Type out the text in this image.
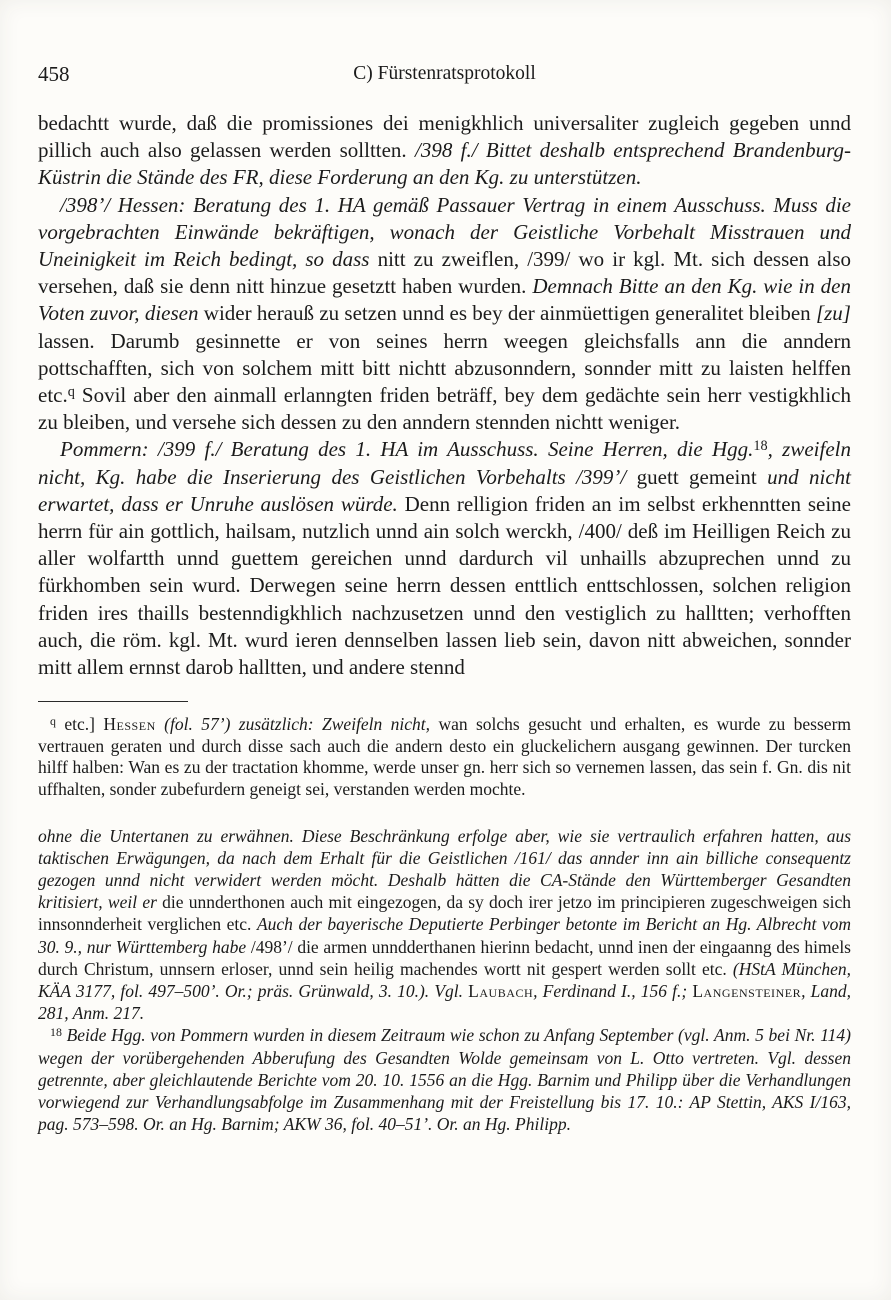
458	C) Fürstenratsprotokoll

bedachtt wurde, daß die promissiones dei menigkhlich universaliter zugleich gegeben unnd pillich auch also gelassen werden solltten. /398 f./ Bittet deshalb entsprechend Brandenburg-Küstrin die Stände des FR, diese Forderung an den Kg. zu unterstützen.

/398’/ Hessen: Beratung des 1. HA gemäß Passauer Vertrag in einem Ausschuss. Muss die vorgebrachten Einwände bekräftigen, wonach der Geistliche Vorbehalt Misstrauen und Uneinigkeit im Reich bedingt, so dass nitt zu zweiflen, /399/ wo ir kgl. Mt. sich dessen also versehen, daß sie denn nitt hinzue gesetztt haben wurden. Demnach Bitte an den Kg. wie in den Voten zuvor, diesen wider herauß zu setzen unnd es bey der ainmüettigen generalitet bleiben [zu] lassen. Darumb gesinnette er von seines herrn weegen gleichsfalls ann die anndern pottschafften, sich von solchem mitt bitt nichtt abzusonndern, sonnder mitt zu laisten helffen etc.$^q$ Sovil aber den ainmall erlanngten friden beträff, bey dem gedächte sein herr vestigkhlich zu bleiben, und versehe sich dessen zu den anndern stennden nichtt weniger.

Pommern: /399 f./ Beratung des 1. HA im Ausschuss. Seine Herren, die Hgg.$^{18}$, zweifeln nicht, Kg. habe die Inserierung des Geistlichen Vorbehalts /399’/ guett gemeint und nicht erwartet, dass er Unruhe auslösen würde. Denn relligion friden an im selbst erkhenntten seine herrn für ain gottlich, hailsam, nutzlich unnd ain solch werckh, /400/ deß im Heilligen Reich zu aller wolfartth unnd guettem gereichen unnd dardurch vil unhaills abzuprechen unnd zu fürkhomben sein wurd. Derwegen seine herrn dessen enttlich enttschlossen, solchen religion friden ires thaills bestenndigkhlich nachzusetzen unnd den vestiglich zu halltten; verhofften auch, die röm. kgl. Mt. wurd ieren dennselben lassen lieb sein, davon nitt abweichen, sonnder mitt allem ernnst darob halltten, und andere stennd

$^q$ etc.] Hessen (fol. 57’) zusätzlich: Zweifeln nicht, wan solchs gesucht und erhalten, es wurde zu besserm vertrauen geraten und durch disse sach auch die andern desto ein gluckelichern ausgang gewinnen. Der turcken hilff halben: Wan es zu der tractation khomme, werde unser gn. herr sich so vernemen lassen, das sein f. Gn. dis nit uffhalten, sonder zubefurdern geneigt sei, verstanden werden mochte.

ohne die Untertanen zu erwähnen. Diese Beschränkung erfolge aber, wie sie vertraulich erfahren hatten, aus taktischen Erwägungen, da nach dem Erhalt für die Geistlichen /161/ das annder inn ain billiche consequentz gezogen unnd nicht verwidert werden möcht. Deshalb hätten die CA-Stände den Württemberger Gesandten kritisiert, weil er die unnderthonen auch mit eingezogen, da sy doch irer jetzo im principieren zugeschweigen sich innsonnderheit verglichen etc. Auch der bayerische Deputierte Perbinger betonte im Bericht an Hg. Albrecht vom 30. 9., nur Württemberg habe /498’/ die armen unndderthanen hierinn bedacht, unnd inen der eingaanng des himels durch Christum, unnsern erloser, unnd sein heilig machendes wortt nit gespert werden sollt etc. (HStA München, KÄA 3177, fol. 497–500’. Or.; präs. Grünwald, 3. 10.). Vgl. Laubach, Ferdinand I., 156 f.; Langensteiner, Land, 281, Anm. 217.

$^{18}$ Beide Hgg. von Pommern wurden in diesem Zeitraum wie schon zu Anfang September (vgl. Anm. 5 bei Nr. 114) wegen der vorübergehenden Abberufung des Gesandten Wolde gemeinsam von L. Otto vertreten. Vgl. dessen getrennte, aber gleichlautende Berichte vom 20. 10. 1556 an die Hgg. Barnim und Philipp über die Verhandlungen vorwiegend zur Verhandlungsabfolge im Zusammenhang mit der Freistellung bis 17. 10.: AP Stettin, AKS I/163, pag. 573–598. Or. an Hg. Barnim; AKW 36, fol. 40–51’. Or. an Hg. Philipp.
